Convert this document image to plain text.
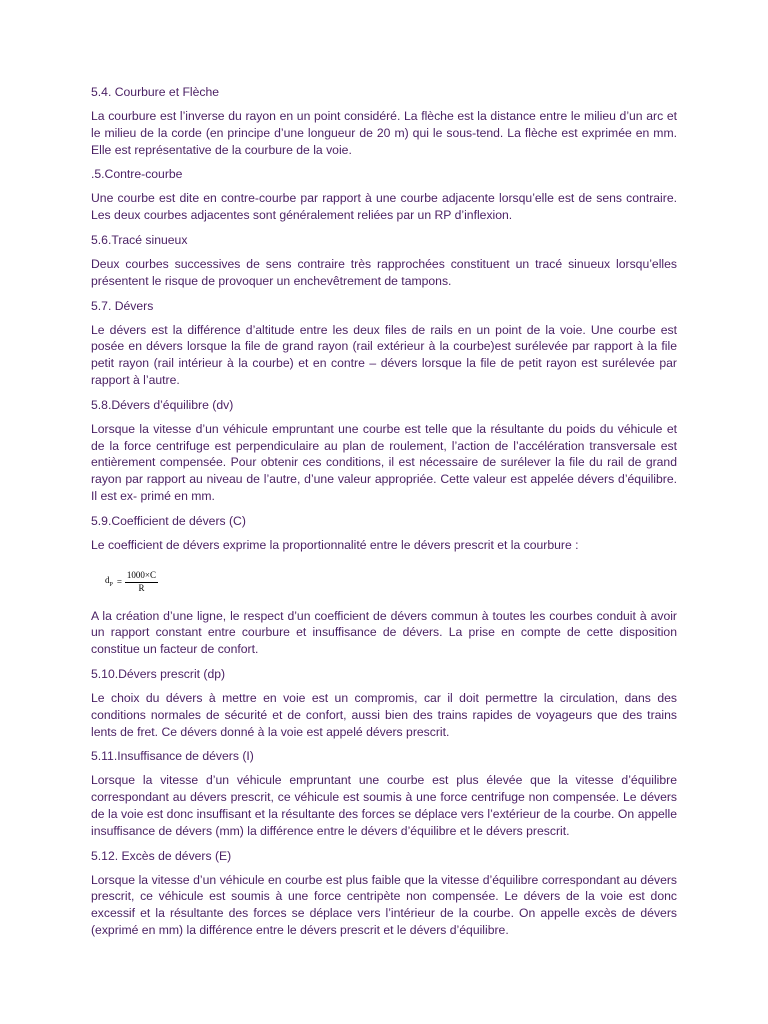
5.4. Courbure et Flèche

La courbure est l’inverse du rayon en un point considéré. La flèche est la distance entre le milieu d’un arc et le milieu de la corde (en principe d’une longueur de 20 m) qui le sous-tend. La flèche est exprimée en mm. Elle est représentative de la courbure de la voie.

.5.Contre-courbe

Une courbe est dite en contre-courbe par rapport à une courbe adjacente lorsqu’elle est de sens contraire. Les deux courbes adjacentes sont généralement reliées par un RP d’inflexion.

5.6.Tracé sinueux

Deux courbes successives de sens contraire très rapprochées constituent un tracé sinueux lorsqu’elles présentent le risque de provoquer un enchevêtrement de tampons.

5.7. Dévers

Le dévers est la différence d’altitude entre les deux files de rails en un point de la voie. Une courbe est posée en dévers lorsque la file de grand rayon (rail extérieur à la courbe)est surélevée par rapport à la file petit rayon (rail intérieur à la courbe) et en contre – dévers lorsque la file de petit rayon est surélevée par rapport à l’autre.

5.8.Dévers d’équilibre (dv)

Lorsque la vitesse d’un véhicule empruntant une courbe est telle que la résultante du poids du véhicule et de la force centrifuge est perpendiculaire au plan de roulement, l’action de l’accélération transversale est entièrement compensée. Pour obtenir ces conditions, il est nécessaire de surélever la file du rail de grand rayon par rapport au niveau de l’autre, d’une valeur appropriée. Cette valeur est appelée dévers d’équilibre. Il est ex- primé en mm.

5.9.Coefficient de dévers (C)

Le coefficient de dévers exprime la proportionnalité entre le dévers prescrit et la courbure :

$d_P = \frac{1000\times C}{R}$

A la création d’une ligne, le respect d’un coefficient de dévers commun à toutes les courbes conduit à avoir un rapport constant entre courbure et insuffisance de dévers. La prise en compte de cette disposition constitue un facteur de confort.

5.10.Dévers prescrit (dp)

Le choix du dévers à mettre en voie est un compromis, car il doit permettre la circulation, dans des conditions normales de sécurité et de confort, aussi bien des trains rapides de voyageurs que des trains lents de fret. Ce dévers donné à la voie est appelé dévers prescrit.

5.11.Insuffisance de dévers (I)

Lorsque la vitesse d’un véhicule empruntant une courbe est plus élevée que la vitesse d’équilibre correspondant au dévers prescrit, ce véhicule est soumis à une force centrifuge non compensée. Le dévers de la voie est donc insuffisant et la résultante des forces se déplace vers l’extérieur de la courbe. On appelle insuffisance de dévers (mm) la différence entre le dévers d’équilibre et le dévers prescrit.

5.12. Excès de dévers (E)

Lorsque la vitesse d’un véhicule en courbe est plus faible que la vitesse d’équilibre correspondant au dévers prescrit, ce véhicule est soumis à une force centripète non compensée. Le dévers de la voie est donc excessif et la résultante des forces se déplace vers l’intérieur de la courbe. On appelle excès de dévers (exprimé en mm) la différence entre le dévers prescrit et le dévers d’équilibre.
